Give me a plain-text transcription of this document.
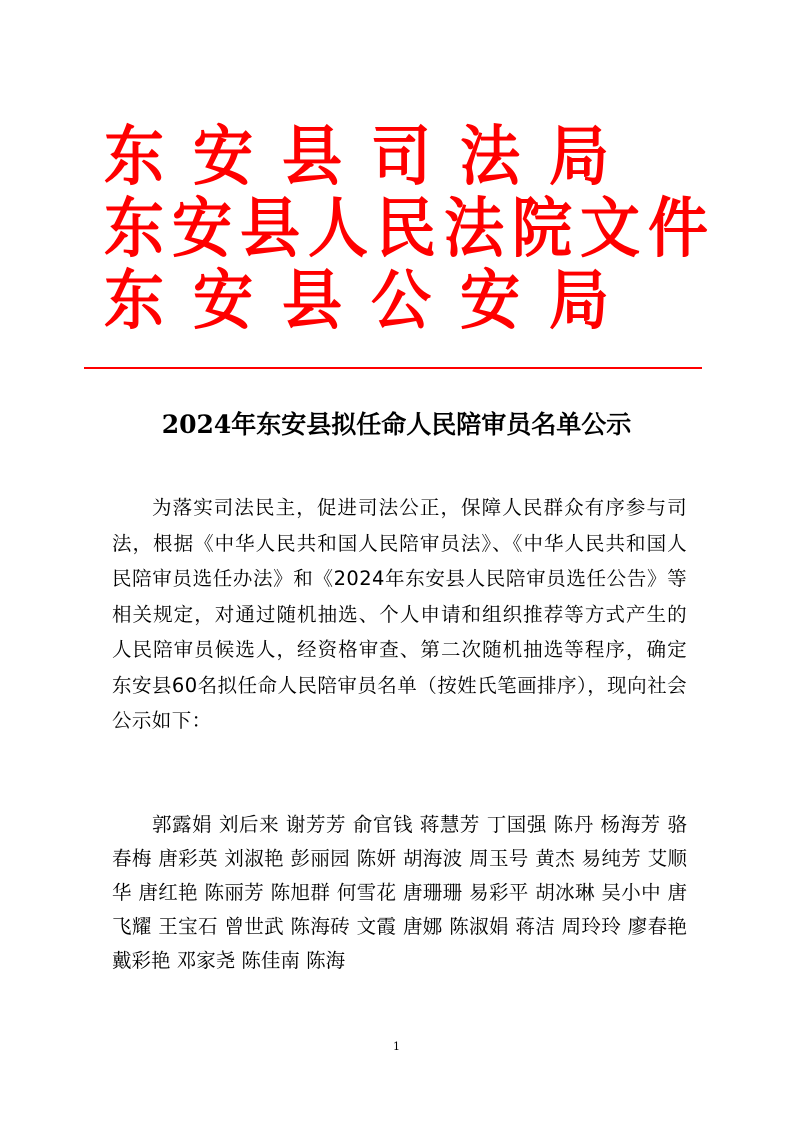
东安县司法局
东安县人民法院文件
东安县公安局
2024年东安县拟任命人民陪审员名单公示

为落实司法民主，促进司法公正，保障人民群众有序参与司法，根据《中华人民共和国人民陪审员法》、《中华人民共和国人民陪审员选任办法》和《2024年东安县人民陪审员选任公告》等相关规定，对通过随机抽选、个人申请和组织推荐等方式产生的人民陪审员候选人，经资格审查、第二次随机抽选等程序，确定东安县60名拟任命人民陪审员名单（按姓氏笔画排序），现向社会公示如下：

郭露娟 刘后来 谢芳芳 俞官钱 蒋慧芳 丁国强 陈丹 杨海芳 骆春梅 唐彩英 刘淑艳 彭丽园 陈妍 胡海波 周玉号 黄杰 易纯芳 艾顺华 唐红艳 陈丽芳 陈旭群 何雪花 唐珊珊 易彩平 胡冰琳 吴小中 唐飞耀 王宝石 曾世武 陈海砖 文霞 唐娜 陈淑娟 蒋洁 周玲玲 廖春艳 戴彩艳 邓家尧 陈佳南 陈海

1
